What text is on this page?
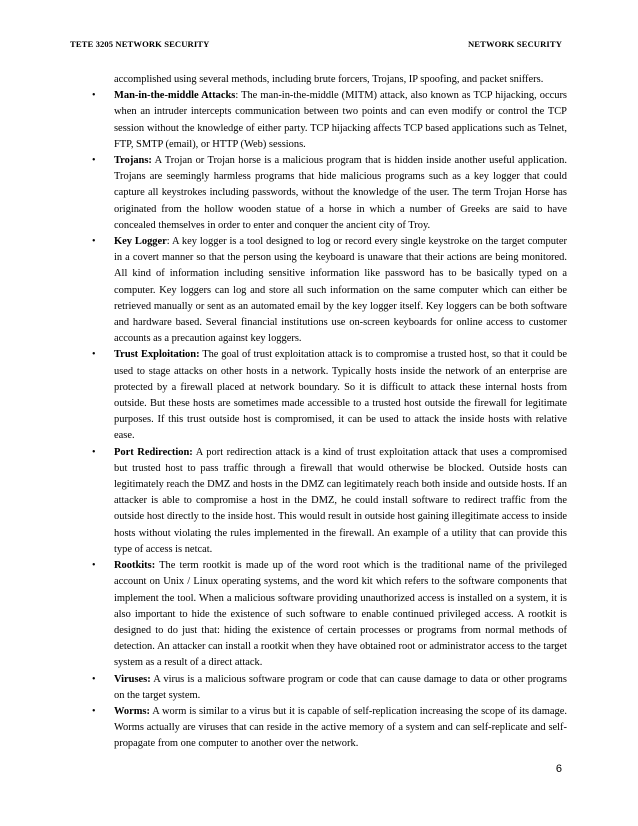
TETE 3205 NETWORK SECURITY	NETWORK SECURITY

accomplished using several methods, including brute forcers, Trojans, IP spoofing, and packet sniffers.

• Man-in-the-middle Attacks: The man-in-the-middle (MITM) attack, also known as TCP hijacking, occurs when an intruder intercepts communication between two points and can even modify or control the TCP session without the knowledge of either party. TCP hijacking affects TCP based applications such as Telnet, FTP, SMTP (email), or HTTP (Web) sessions.
• Trojans: A Trojan or Trojan horse is a malicious program that is hidden inside another useful application. Trojans are seemingly harmless programs that hide malicious programs such as a key logger that could capture all keystrokes including passwords, without the knowledge of the user. The term Trojan Horse has originated from the hollow wooden statue of a horse in which a number of Greeks are said to have concealed themselves in order to enter and conquer the ancient city of Troy.
• Key Logger: A key logger is a tool designed to log or record every single keystroke on the target computer in a covert manner so that the person using the keyboard is unaware that their actions are being monitored. All kind of information including sensitive information like password has to be basically typed on a computer. Key loggers can log and store all such information on the same computer which can either be retrieved manually or sent as an automated email by the key logger itself. Key loggers can be both software and hardware based. Several financial institutions use on-screen keyboards for online access to customer accounts as a precaution against key loggers.
• Trust Exploitation: The goal of trust exploitation attack is to compromise a trusted host, so that it could be used to stage attacks on other hosts in a network. Typically hosts inside the network of an enterprise are protected by a firewall placed at network boundary. So it is difficult to attack these internal hosts from outside. But these hosts are sometimes made accessible to a trusted host outside the firewall for legitimate purposes. If this trust outside host is compromised, it can be used to attack the inside hosts with relative ease.
• Port Redirection: A port redirection attack is a kind of trust exploitation attack that uses a compromised but trusted host to pass traffic through a firewall that would otherwise be blocked. Outside hosts can legitimately reach the DMZ and hosts in the DMZ can legitimately reach both inside and outside hosts. If an attacker is able to compromise a host in the DMZ, he could install software to redirect traffic from the outside host directly to the inside host. This would result in outside host gaining illegitimate access to inside hosts without violating the rules implemented in the firewall. An example of a utility that can provide this type of access is netcat.
• Rootkits: The term rootkit is made up of the word root which is the traditional name of the privileged account on Unix / Linux operating systems, and the word kit which refers to the software components that implement the tool. When a malicious software providing unauthorized access is installed on a system, it is also important to hide the existence of such software to enable continued privileged access. A rootkit is designed to do just that: hiding the existence of certain processes or programs from normal methods of detection. An attacker can install a rootkit when they have obtained root or administrator access to the target system as a result of a direct attack.
• Viruses: A virus is a malicious software program or code that can cause damage to data or other programs on the target system.
• Worms: A worm is similar to a virus but it is capable of self-replication increasing the scope of its damage. Worms actually are viruses that can reside in the active memory of a system and can self-replicate and self-propagate from one computer to another over the network.
6
